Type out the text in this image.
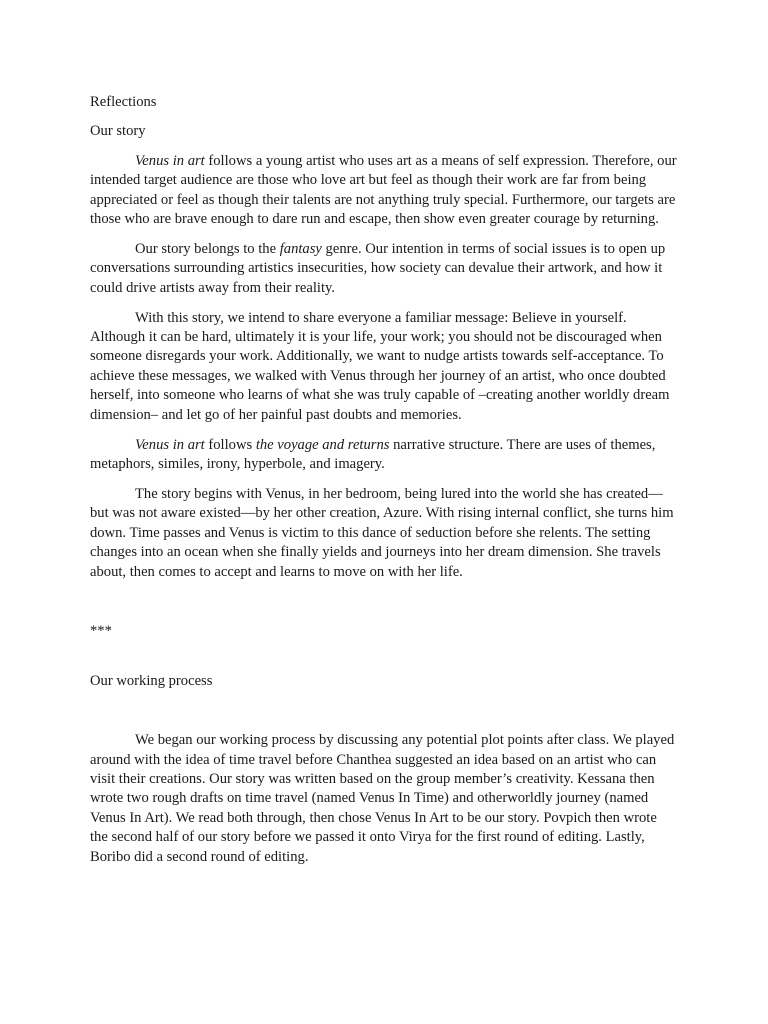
Reflections

Our story

Venus in art follows a young artist who uses art as a means of self expression. Therefore, our intended target audience are those who love art but feel as though their work are far from being appreciated or feel as though their talents are not anything truly special. Furthermore, our targets are those who are brave enough to dare run and escape, then show even greater courage by returning.

Our story belongs to the fantasy genre. Our intention in terms of social issues is to open up conversations surrounding artistics insecurities, how society can devalue their artwork, and how it could drive artists away from their reality.

With this story, we intend to share everyone a familiar message: Believe in yourself. Although it can be hard, ultimately it is your life, your work; you should not be discouraged when someone disregards your work. Additionally, we want to nudge artists towards self-acceptance. To achieve these messages, we walked with Venus through her journey of an artist, who once doubted herself, into someone who learns of what she was truly capable of –creating another worldly dream dimension– and let go of her painful past doubts and memories.

Venus in art follows the voyage and returns narrative structure. There are uses of themes, metaphors, similes, irony, hyperbole, and imagery.

The story begins with Venus, in her bedroom, being lured into the world she has created—but was not aware existed—by her other creation, Azure. With rising internal conflict, she turns him down. Time passes and Venus is victim to this dance of seduction before she relents. The setting changes into an ocean when she finally yields and journeys into her dream dimension. She travels about, then comes to accept and learns to move on with her life.

***

Our working process

We began our working process by discussing any potential plot points after class. We played around with the idea of time travel before Chanthea suggested an idea based on an artist who can visit their creations. Our story was written based on the group member’s creativity. Kessana then wrote two rough drafts on time travel (named Venus In Time) and otherworldly journey (named Venus In Art). We read both through, then chose Venus In Art to be our story. Povpich then wrote the second half of our story before we passed it onto Virya for the first round of editing. Lastly, Boribo did a second round of editing.
